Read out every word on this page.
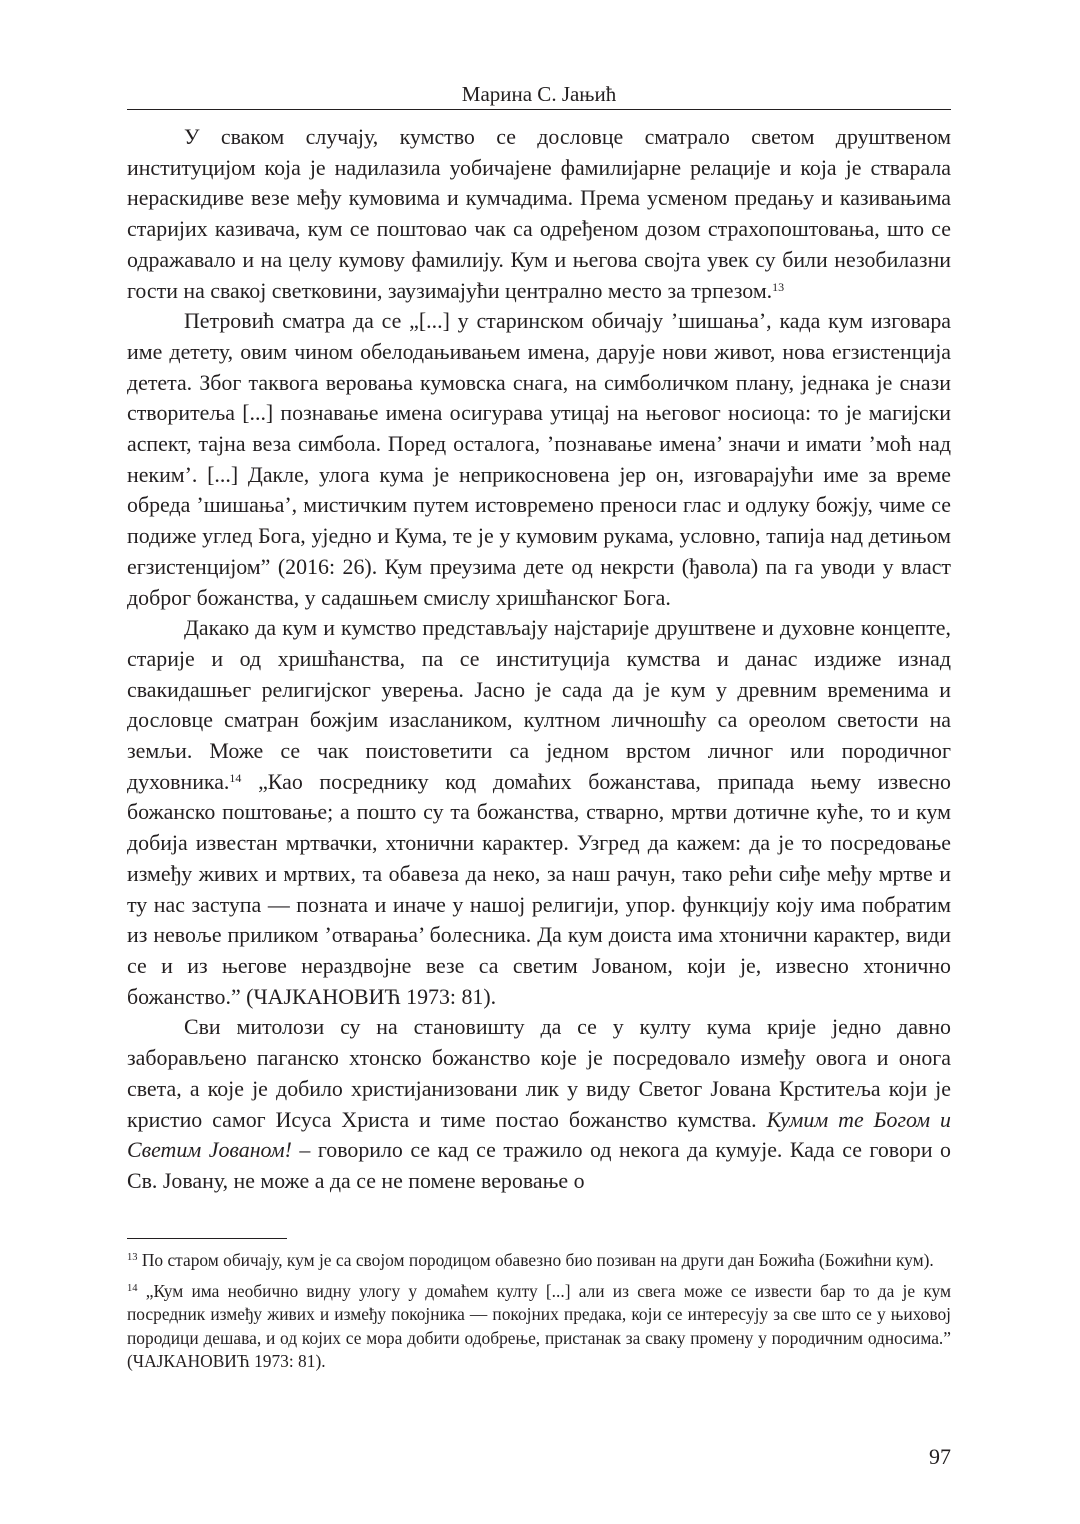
Марина С. Јањић

У сваком случају, кумство се дословце сматрало светом друштвеном институцијом која је надилазила уобичајене фамилијарне релације и која је стварала нераскидиве везе међу кумовима и кумчадима. Према усменом предању и казивањима старијих казивача, кум се поштовао чак са одређеном дозом страхопоштовања, што се одражавало и на целу кумову фамилију. Кум и његова својта увек су били незобилазни гости на свакој светковини, заузимајући централно место за трпезом.$^{13}$

Петровић сматра да се „[...] у старинском обичају ’шишања’, када кум изговара име детету, овим чином обелодањивањем имена, дарује нови живот, нова егзистенција детета. Због таквога веровања кумовска снага, на симболичком плану, једнака је снази створитеља [...] познавање имена осигурава утицај на његовог носиоца: то је магијски аспект, тајна веза симбола. Поред осталога, ’познавање имена’ значи и имати ’моћ над неким’. [...] Дакле, улога кума је неприкосновена јер он, изговарајући име за време обреда ’шишања’, мистичким путем истовремено преноси глас и одлуку божју, чиме се подиже углед Бога, уједно и Кума, те је у кумовим рукама, условно, тапија над детињом егзистенцијом” (2016: 26). Кум преузима дете од некрсти (ђавола) па га уводи у власт доброг божанства, у садашњем смислу хришћанског Бога.

Дакако да кум и кумство представљају најстарије друштвене и духовне концепте, старије и од хришћанства, па се институција кумства и данас издиже изнад свакидашњег религијског уверења. Јасно је сада да је кум у древним временима и дословце сматран божјим изаслаником, култном личношћу са ореолом светости на земљи. Може се чак поистоветити са једном врстом личног или породичног духовника.$^{14}$ „Као посреднику код домаћих божанстава, припада њему извесно божанско поштовање; а пошто су та божанства, стварно, мртви дотичне куће, то и кум добија известан мртвачки, хтонични карактер. Узгред да кажем: да је то посредовање између живих и мртвих, та обавеза да неко, за наш рачун, тако рећи сиђе међу мртве и ту нас заступа — позната и иначе у нашој религији, упор. функцију коју има побратим из невоље приликом ’отварања’ болесника. Да кум доиста има хтонични карактер, види се и из његове нераздвојне везе са светим Јованом, који је, извесно хтонично божанство.” (ЧАЈКАНОВИЋ 1973: 81).

Сви митолози су на становишту да се у култу кума крије једно давно заборављено паганско хтонско божанство које је посредовало између овога и онога света, а које је добило христијанизовани лик у виду Светог Јована Крститеља који је кристио самог Исуса Христа и тиме постао божанство кумства. Кумим те Богом и Светим Јованом! – говорило се кад се тражило од некога да кумује. Када се говори о Св. Јовану, не може а да се не помене веровање о

$^{13}$ По старом обичају, кум је са својом породицом обавезно био позиван на други дан Божића (Божићни кум).

$^{14}$ „Кум има необично видну улогу у домаћем култу [...] али из свега може се извести бар то да је кум посредник између живих и између покојника — покојних предака, који се интересују за све што се у њиховој породици дешава, и од којих се мора добити одобрење, пристанак за сваку промену у породичним односима.” (ЧАЈКАНОВИЋ 1973: 81).

97
